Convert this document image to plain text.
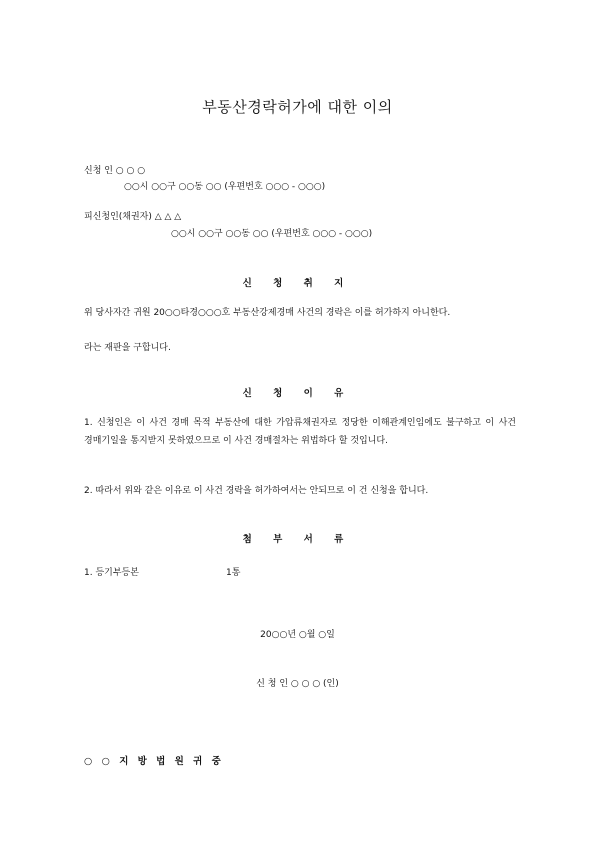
부동산경락허가에 대한 이의
신청 인 ○ ○ ○
○○시 ○○구 ○○동 ○○ (우편번호 ○○○ - ○○○)
피신청인(채권자) △ △ △
○○시 ○○구 ○○동 ○○ (우편번호 ○○○ - ○○○)
신 청 취 지
위 당사자간 귀원 20○○타경○○○호 부동산강제경매 사건의 경락은 이를 허가하지 아니한다.
라는 재판을 구합니다.
신 청 이 유
1. 신청인은 이 사건 경매 목적 부동산에 대한 가압류채권자로 정당한 이해관계인임에도 불구하고 이 사건 경매기일을 통지받지 못하였으므로 이 사건 경매절차는 위법하다 할 것입니다.
2. 따라서 위와 같은 이유로 이 사건 경락을 허가하여서는 안되므로 이 건 신청을 합니다.
첨 부 서 류
1. 등기부등본	1통
20○○년 ○월 ○일
신 청 인 ○ ○ ○ (인)
○ ○ 지 방 법 원 귀 중
